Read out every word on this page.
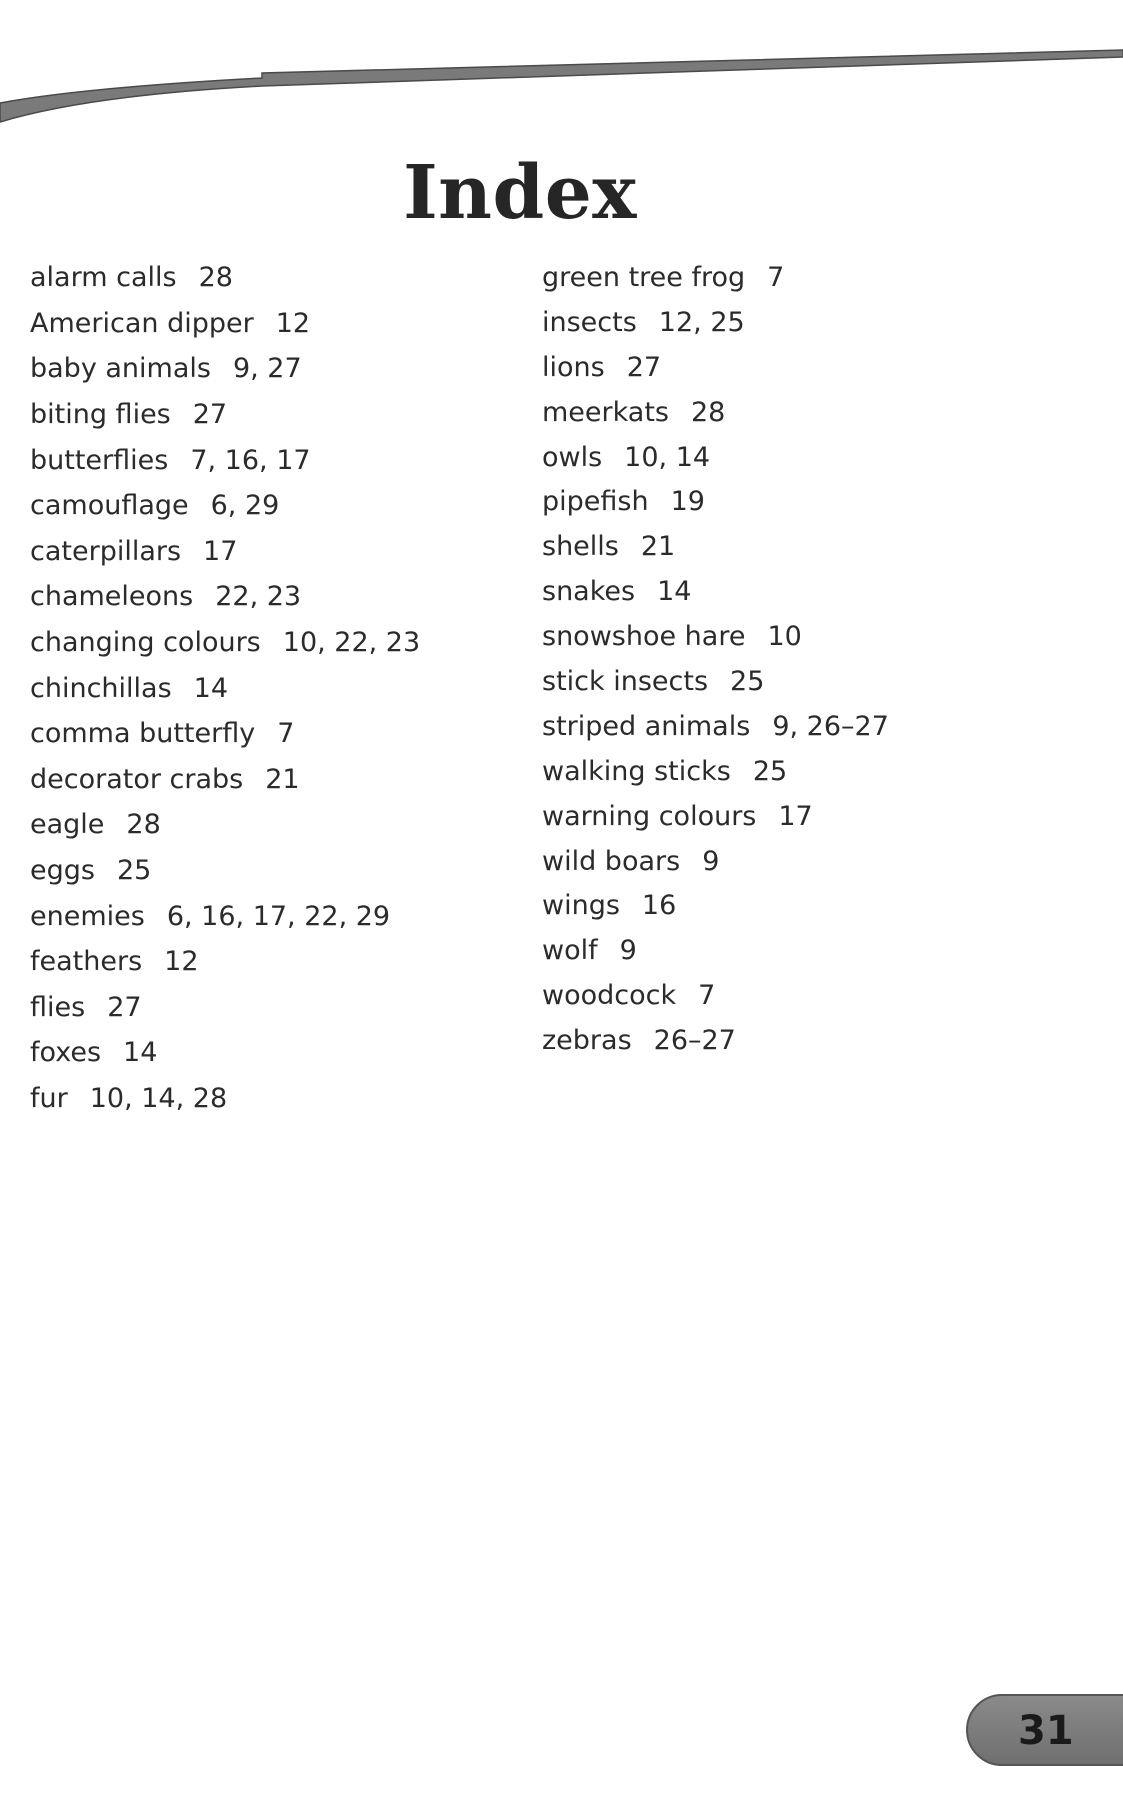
Index
alarm calls 28
American dipper 12
baby animals 9, 27
biting flies 27
butterflies 7, 16, 17
camouflage 6, 29
caterpillars 17
chameleons 22, 23
changing colours 10, 22, 23
chinchillas 14
comma butterfly 7
decorator crabs 21
eagle 28
eggs 25
enemies 6, 16, 17, 22, 29
feathers 12
flies 27
foxes 14
fur 10, 14, 28
green tree frog 7
insects 12, 25
lions 27
meerkats 28
owls 10, 14
pipefish 19
shells 21
snakes 14
snowshoe hare 10
stick insects 25
striped animals 9, 26–27
walking sticks 25
warning colours 17
wild boars 9
wings 16
wolf 9
woodcock 7
zebras 26–27
31
